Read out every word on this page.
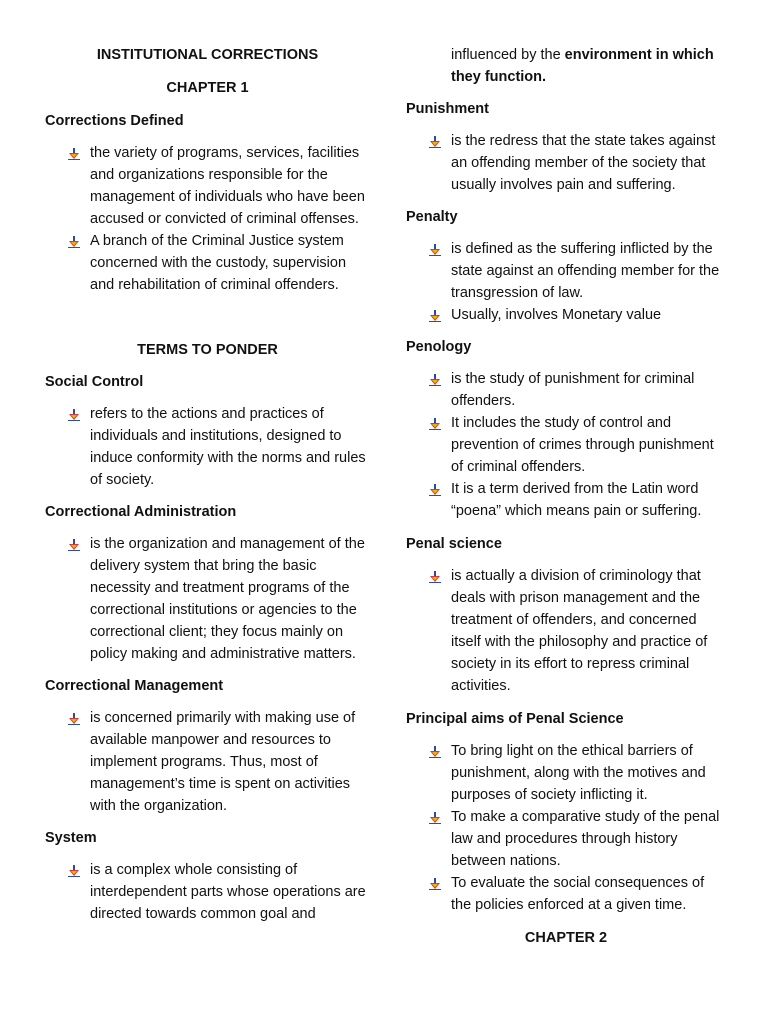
INSTITUTIONAL CORRECTIONS

CHAPTER 1

Corrections Defined

the variety of programs, services, facilities and organizations responsible for the management of individuals who have been accused or convicted of criminal offenses.
A branch of the Criminal Justice system concerned with the custody, supervision and rehabilitation of criminal offenders.

TERMS TO PONDER

Social Control

refers to the actions and practices of individuals and institutions, designed to induce conformity with the norms and rules of society.

Correctional Administration

is the organization and management of the delivery system that bring the basic necessity and treatment programs of the correctional institutions or agencies to the correctional client; they focus mainly on policy making and administrative matters.

Correctional Management

is concerned primarily with making use of available manpower and resources to implement programs. Thus, most of management’s time is spent on activities with the organization.

System

is a complex whole consisting of interdependent parts whose operations are directed towards common goal and

influenced by the environment in which they function.

Punishment

is the redress that the state takes against an offending member of the society that usually involves pain and suffering.

Penalty

is defined as the suffering inflicted by the state against an offending member for the transgression of law.
Usually, involves Monetary value

Penology

is the study of punishment for criminal offenders.
It includes the study of control and prevention of crimes through punishment of criminal offenders.
It is a term derived from the Latin word “poena” which means pain or suffering.

Penal science

is actually a division of criminology that deals with prison management and the treatment of offenders, and concerned itself with the philosophy and practice of society in its effort to repress criminal activities.

Principal aims of Penal Science

To bring light on the ethical barriers of punishment, along with the motives and purposes of society inflicting it.
To make a comparative study of the penal law and procedures through history between nations.
To evaluate the social consequences of the policies enforced at a given time.

CHAPTER 2
